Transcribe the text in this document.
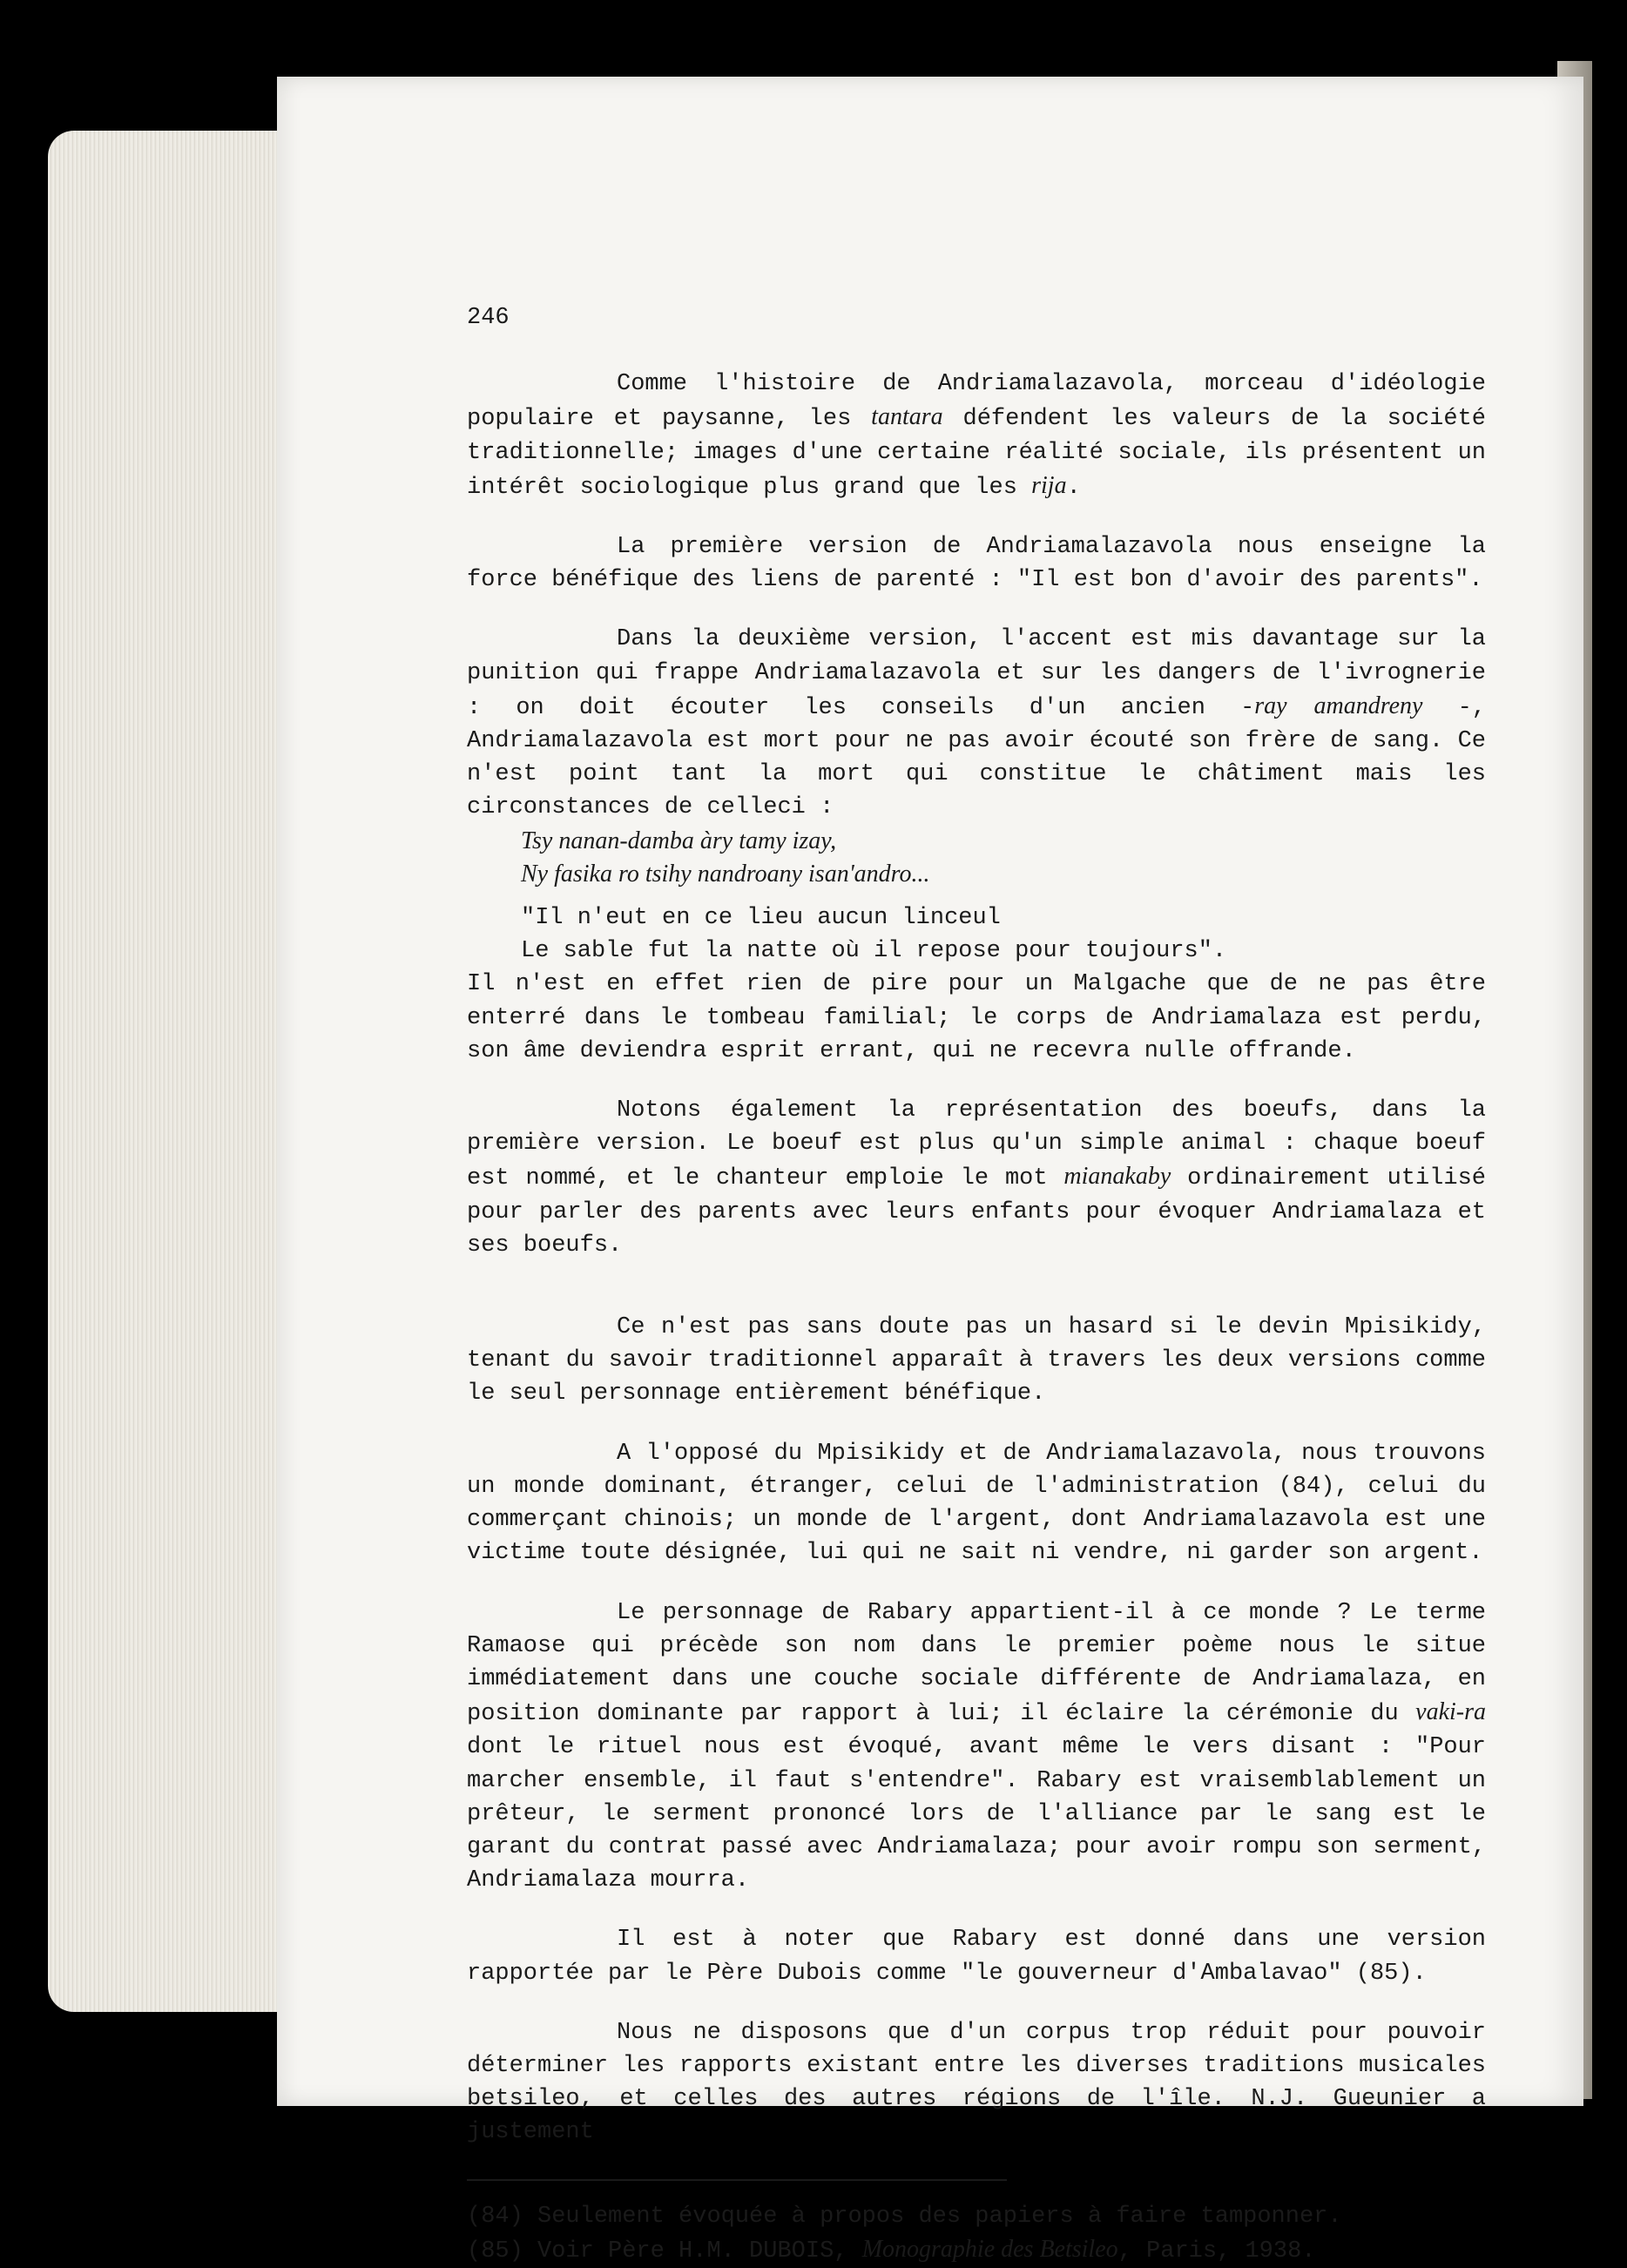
246

Comme l'histoire de Andriamalazavola, morceau d'idéologie populaire et paysanne, les tantara défendent les valeurs de la société traditionnelle; images d'une certaine réalité sociale, ils présentent un intérêt sociologique plus grand que les rija.

La première version de Andriamalazavola nous enseigne la force bénéfique des liens de parenté : "Il est bon d'avoir des parents".

Dans la deuxième version, l'accent est mis davantage sur la punition qui frappe Andriamalazavola et sur les dangers de l'ivrognerie : on doit écouter les conseils d'un ancien -ray amandreny -, Andriamalazavola est mort pour ne pas avoir écouté son frère de sang. Ce n'est point tant la mort qui constitue le châtiment mais les circonstances de celleci :

Tsy nanan-damba àry tamy izay,
Ny fasika ro tsihy nandroany isan'andro...
"Il n'eut en ce lieu aucun linceul
Le sable fut la natte où il repose pour toujours".

Il n'est en effet rien de pire pour un Malgache que de ne pas être enterré dans le tombeau familial; le corps de Andriamalaza est perdu, son âme deviendra esprit errant, qui ne recevra nulle offrande.

Notons également la représentation des boeufs, dans la première version. Le boeuf est plus qu'un simple animal : chaque boeuf est nommé, et le chanteur emploie le mot mianakaby ordinairement utilisé pour parler des parents avec leurs enfants pour évoquer Andriamalaza et ses boeufs.

Ce n'est pas sans doute pas un hasard si le devin Mpisikidy, tenant du savoir traditionnel apparaît à travers les deux versions comme le seul personnage entièrement bénéfique.

A l'opposé du Mpisikidy et de Andriamalazavola, nous trouvons un monde dominant, étranger, celui de l'administration (84), celui du commerçant chinois; un monde de l'argent, dont Andriamalazavola est une victime toute désignée, lui qui ne sait ni vendre, ni garder son argent.

Le personnage de Rabary appartient-il à ce monde ? Le terme Ramaose qui précède son nom dans le premier poème nous le situe immédiatement dans une couche sociale différente de Andriamalaza, en position dominante par rapport à lui; il éclaire la cérémonie du vaki-ra dont le rituel nous est évoqué, avant même le vers disant : "Pour marcher ensemble, il faut s'entendre". Rabary est vraisemblablement un prêteur, le serment prononcé lors de l'alliance par le sang est le garant du contrat passé avec Andriamalaza; pour avoir rompu son serment, Andriamalaza mourra.

Il est à noter que Rabary est donné dans une version rapportée par le Père Dubois comme "le gouverneur d'Ambalavao" (85).

Nous ne disposons que d'un corpus trop réduit pour pouvoir déterminer les rapports existant entre les diverses traditions musicales betsileo, et celles des autres régions de l'île. N.J. Gueunier a justement

(84) Seulement évoquée à propos des papiers à faire tamponner.

(85) Voir Père H.M. DUBOIS, Monographie des Betsileo, Paris, 1938.
